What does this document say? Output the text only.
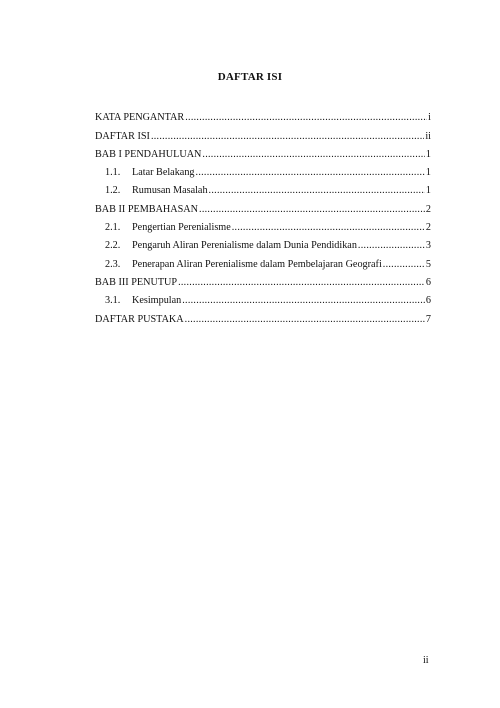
DAFTAR ISI
KATA PENGANTAR .....	i
DAFTAR ISI .....	ii
BAB I PENDAHULUAN .....	1
1.1.	Latar Belakang .....	1
1.2.	Rumusan Masalah .....	1
BAB II PEMBAHASAN .....	2
2.1.	Pengertian Perenialisme .....	2
2.2.	Pengaruh Aliran Perenialisme dalam Dunia Pendidikan .....	3
2.3.	Penerapan Aliran Perenialisme dalam Pembelajaran Geografi .....	5
BAB III PENUTUP .....	6
3.1.	Kesimpulan .....	6
DAFTAR PUSTAKA .....	7
ii
